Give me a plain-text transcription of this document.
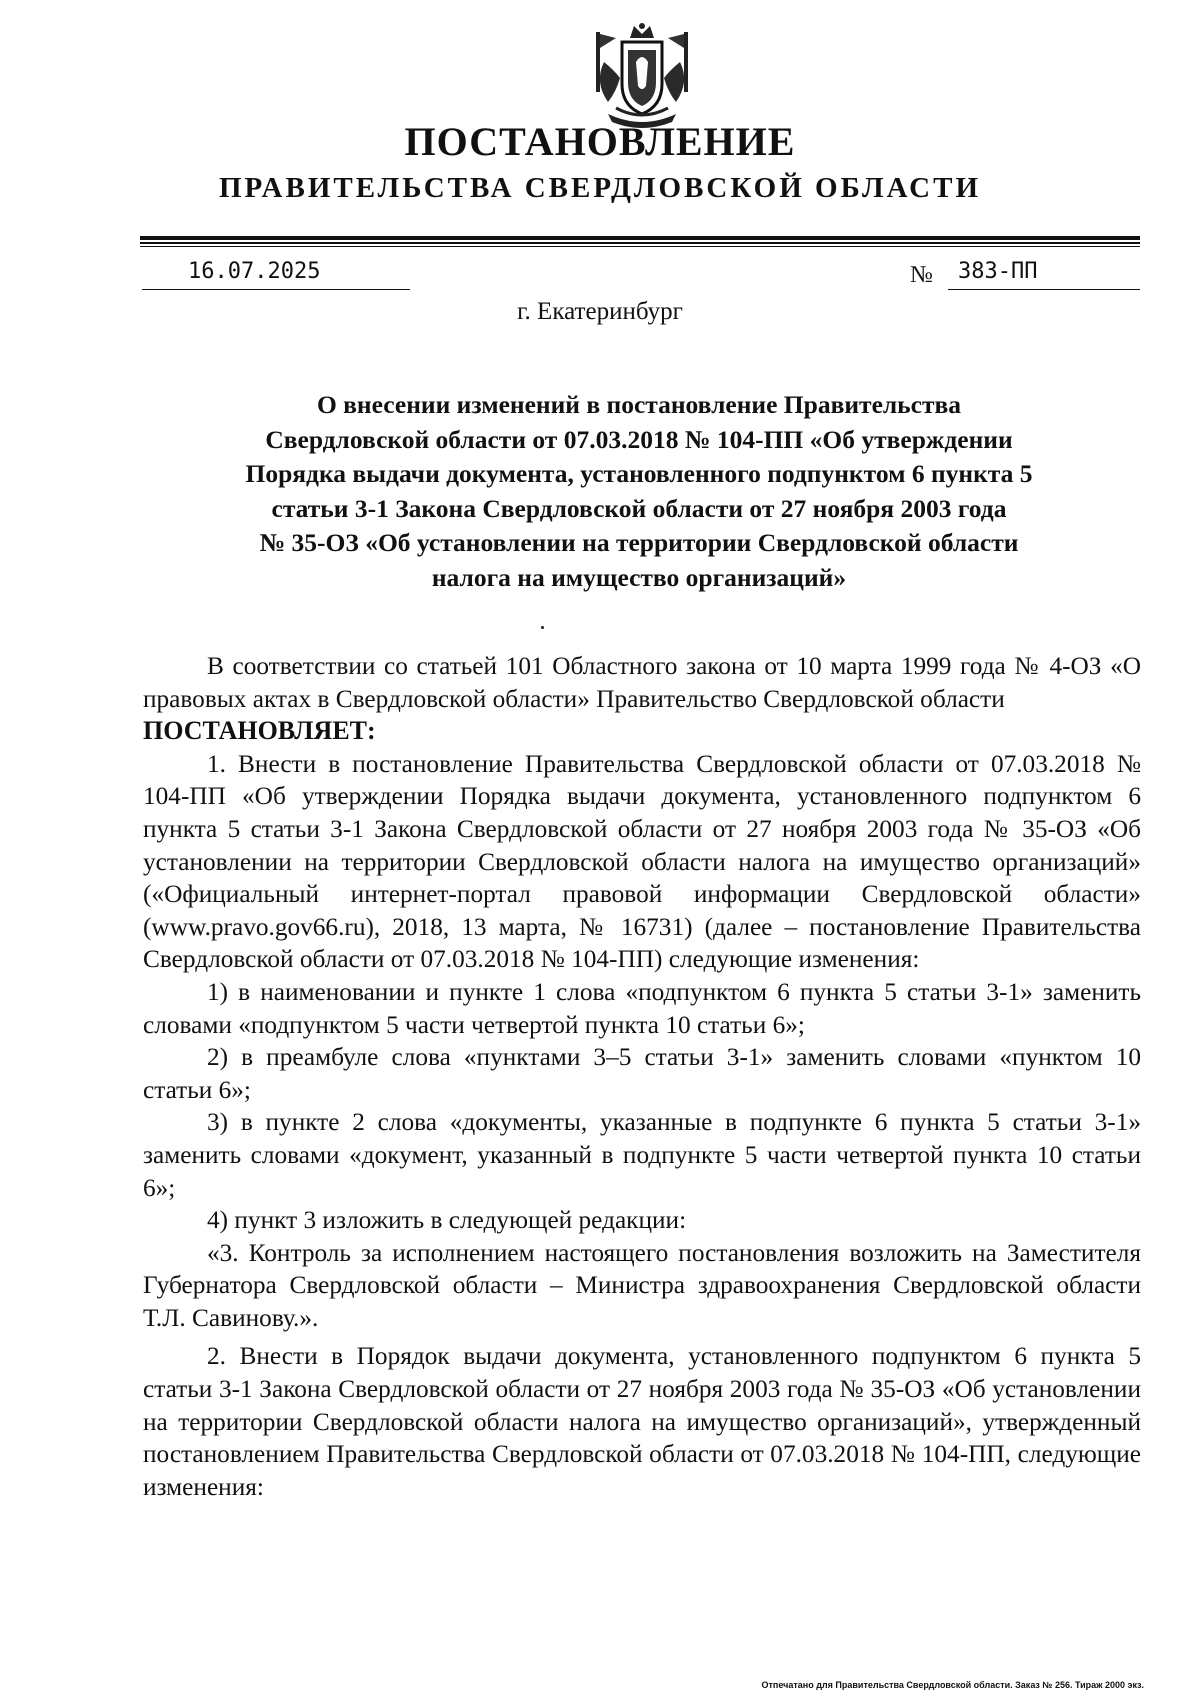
ПОСТАНОВЛЕНИЕ
ПРАВИТЕЛЬСТВА СВЕРДЛОВСКОЙ ОБЛАСТИ
16.07.2025	№	383-ПП
г. Екатеринбург
О внесении изменений в постановление Правительства
Свердловской области от 07.03.2018 № 104-ПП «Об утверждении
Порядка выдачи документа, установленного подпунктом 6 пункта 5
статьи 3-1 Закона Свердловской области от 27 ноября 2003 года
№ 35-ОЗ «Об установлении на территории Свердловской области
налога на имущество организаций»

В соответствии со статьей 101 Областного закона от 10 марта 1999 года № 4-ОЗ «О правовых актах в Свердловской области» Правительство Свердловской области

ПОСТАНОВЛЯЕТ:

1. Внести в постановление Правительства Свердловской области от 07.03.2018 № 104-ПП «Об утверждении Порядка выдачи документа, установленного подпунктом 6 пункта 5 статьи 3-1 Закона Свердловской области от 27 ноября 2003 года № 35-ОЗ «Об установлении на территории Свердловской области налога на имущество организаций» («Официальный интернет-портал правовой информации Свердловской области» (www.pravo.gov66.ru), 2018, 13 марта, № 16731) (далее – постановление Правительства Свердловской области от 07.03.2018 № 104-ПП) следующие изменения:

1) в наименовании и пункте 1 слова «подпунктом 6 пункта 5 статьи 3-1» заменить словами «подпунктом 5 части четвертой пункта 10 статьи 6»;

2) в преамбуле слова «пунктами 3–5 статьи 3-1» заменить словами «пунктом 10 статьи 6»;

3) в пункте 2 слова «документы, указанные в подпункте 6 пункта 5 статьи 3-1» заменить словами «документ, указанный в подпункте 5 части четвертой пункта 10 статьи 6»;

4) пункт 3 изложить в следующей редакции:

«3. Контроль за исполнением настоящего постановления возложить на Заместителя Губернатора Свердловской области – Министра здравоохранения Свердловской области Т.Л. Савинову.».

2. Внести в Порядок выдачи документа, установленного подпунктом 6 пункта 5 статьи 3-1 Закона Свердловской области от 27 ноября 2003 года № 35-ОЗ «Об установлении на территории Свердловской области налога на имущество организаций», утвержденный постановлением Правительства Свердловской области от 07.03.2018 № 104-ПП, следующие изменения:

Отпечатано для Правительства Свердловской области. Заказ № 256. Тираж 2000 экз.
